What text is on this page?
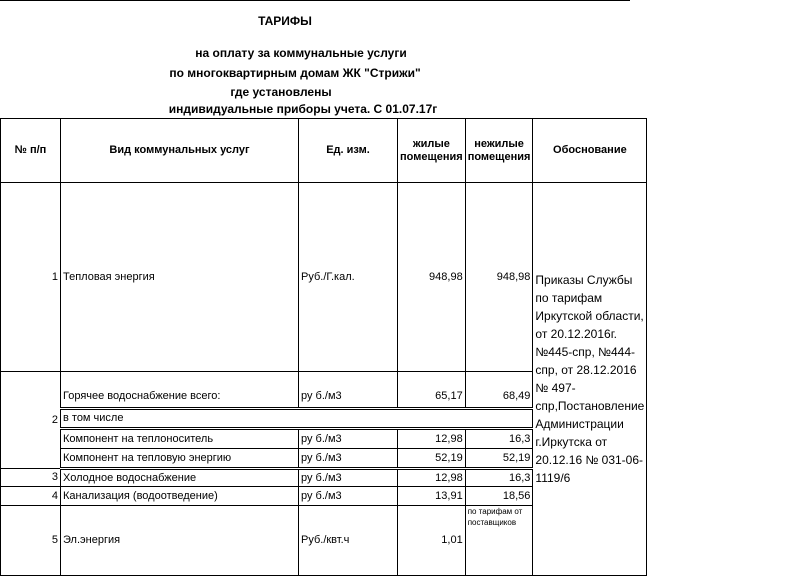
ТАРИФЫ
на оплату за коммунальные услуги
по многоквартирным домам ЖК "Стрижи"
где установлены
индивидуальные приборы учета. С 01.07.17г
№ п/п	Вид коммунальных услуг	Ед. изм.	жилые помещения	нежилые помещения	Обоснование
1	Тепловая энергия	Руб./Г.кал.	948,98	948,98	Приказы Службы по тарифам Иркутской области, от 20.12.2016г. №445-спр, №444-спр, от 28.12.2016 № 497-спр,Постановление Администрации г.Иркутска от 20.12.16 № 031-06-1119/6
2	Горячее водоснабжение всего:	ру б./м3	65,17	68,49	
	в том числе				
	Компонент на теплоноситель	ру б./м3	12,98	16,3	
	Компонент на тепловую энергию	ру б./м3	52,19	52,19	
3	Холодное водоснабжение	ру б./м3	12,98	16,3	
4	Канализация (водоотведение)	ру б./м3	13,91	18,56	
5	Эл.энергия	Руб./квт.ч	1,01	по тарифам от поставщиков	
